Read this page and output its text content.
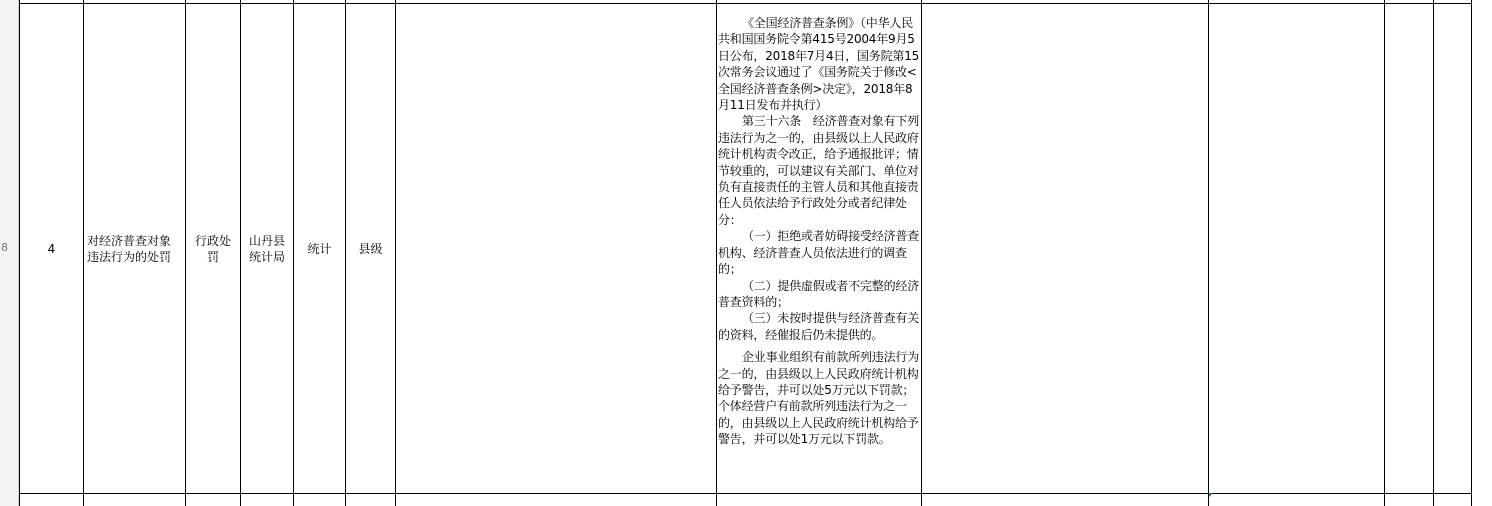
8	4
对经济普查对象违法行为的处罚
行政处罚
山丹县统计局
统计 县级

《全国经济普查条例》（中华人民共和国国务院令第415号2004年9月5日公布，2018年7月4日，国务院第15次常务会议通过了《国务院关于修改<全国经济普查条例>决定》，2018年8月11日发布并执行）

第三十六条　经济普查对象有下列违法行为之一的，由县级以上人民政府统计机构责令改正，给予通报批评；情节较重的，可以建议有关部门、单位对负有直接责任的主管人员和其他直接责任人员依法给予行政处分或者纪律处分：

（一）拒绝或者妨碍接受经济普查机构、经济普查人员依法进行的调查的；

（二）提供虚假或者不完整的经济普查资料的；

（三）未按时提供与经济普查有关的资料，经催报后仍未提供的。

企业事业组织有前款所列违法行为之一的，由县级以上人民政府统计机构给予警告，并可以处5万元以下罚款；个体经营户有前款所列违法行为之一的，由县级以上人民政府统计机构给予警告，并可以处1万元以下罚款。
